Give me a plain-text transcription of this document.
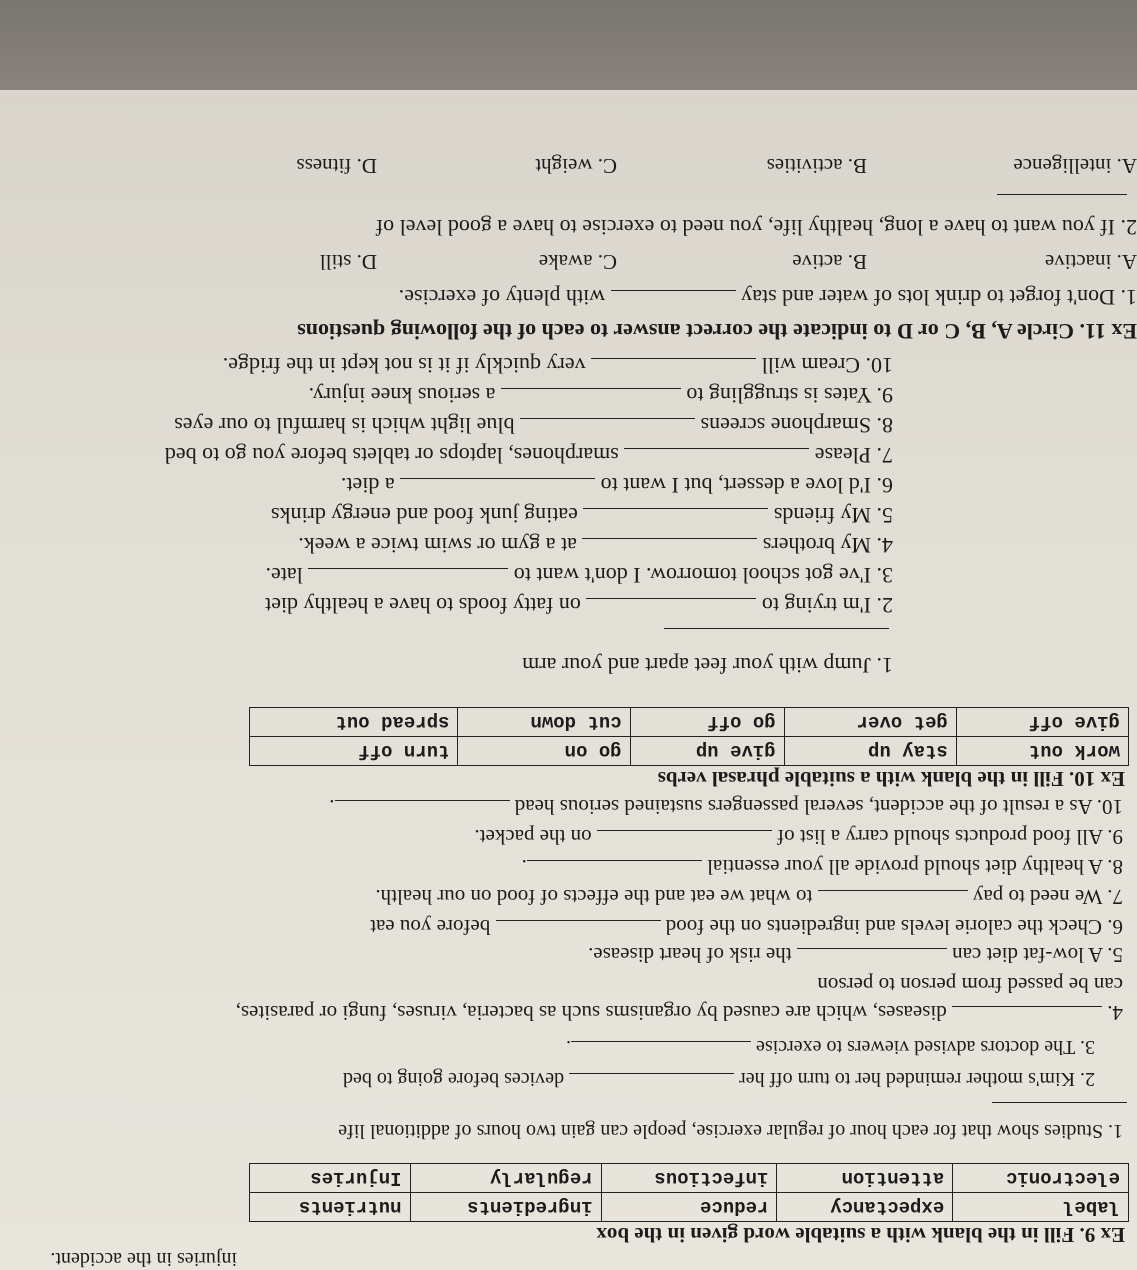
injuries in the accident.
Ex 9. Fill in the blank with a suitable word given in the box
label	expectancy	reduce	ingredients	nutrients
electronic	attention	infectious	regularly	Injuries
1. Studies show that for each hour of regular exercise, people can gain two hours of additional life
2. Kim's mother reminded her to turn off her  devices before going to bed
3. The doctors advised viewers to exercise .
4.  diseases, which are caused by organisms such as bacteria, viruses, fungi or parasites,
can be passed from person to person
5. A low-fat diet can  the risk of heart disease.
6. Check the calorie levels and ingredients on the food  before you eat
7. We need to pay  to what we eat and the effects of food on our health.
8. A healthy diet should provide all your essential .
9. All food products should carry a list of  on the packet.
10. As a result of the accident, several passengers sustained serious head .
Ex 10. Fill in the blank with a suitable phrasal verbs
work out	stay up	give up	go on	turn off
give off	get over	go off	cut down	spread out
1. Jump with your feet apart and your arm
2. I'm trying to  on fatty foods to have a healthy diet
3. I've got school tomorrow. I don't want to  late.
4. My brothers  at a gym or swim twice a week.
5. My friends  eating junk food and energy drinks
6. I'd love a dessert, but I want to  a diet.
7. Please  smarphones, laptops or tablets before you go to bed
8. Smarphone screens  blue light which is harmful to our eyes
9. Yates is struggling to  a serious knee injury.
10. Cream will  very quickly if it is not kept in the fridge.
Ex 11. Circle A, B, C or D to indicate the correct answer to each of the following questions
1. Don't forget to drink lots of water and stay  with plenty of exercise.
A. inactive
B. active
C. awake
D. still
2. If you want to have a long, healthy life, you need to exercise to have a good level of
A. intelligence
B. activities
C. weight
D. fitness
